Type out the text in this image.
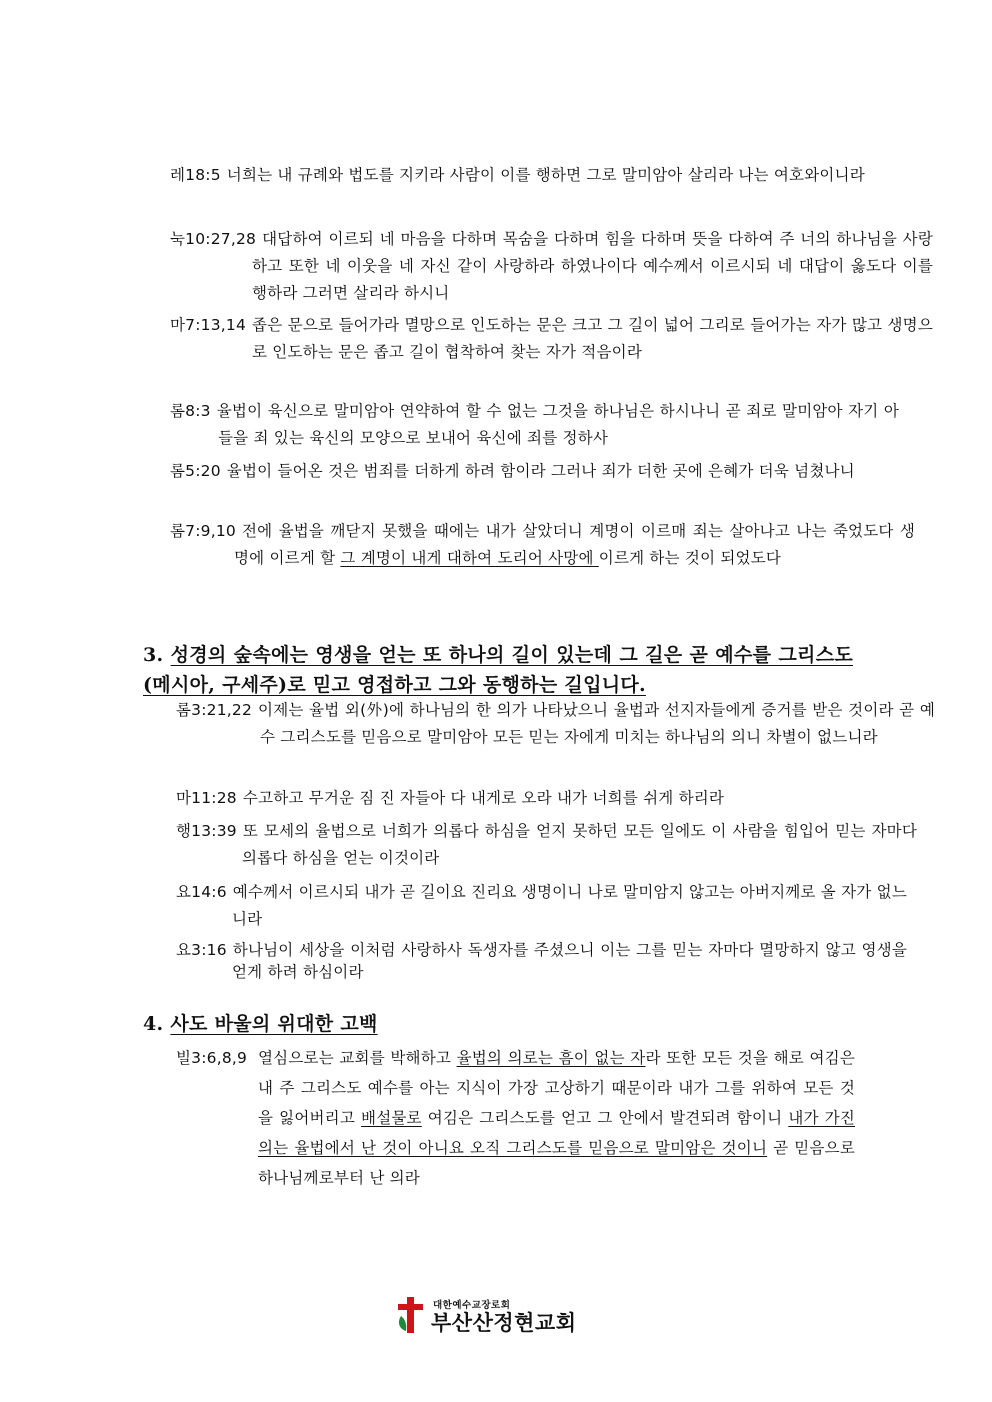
레18:5 너희는 내 규례와 법도를 지키라 사람이 이를 행하면 그로 말미암아 살리라 나는 여호와이니라
눅10:27,28 대답하여 이르되 네 마음을 다하며 목숨을 다하며 힘을 다하며 뜻을 다하여 주 너의 하나님을 사랑하고 또한 네 이웃을 네 자신 같이 사랑하라 하였나이다 예수께서 이르시되 네 대답이 옳도다 이를 행하라 그러면 살리라 하시니
마7:13,14 좁은 문으로 들어가라 멸망으로 인도하는 문은 크고 그 길이 넓어 그리로 들어가는 자가 많고 생명으로 인도하는 문은 좁고 길이 협착하여 찾는 자가 적음이라
롬8:3 율법이 육신으로 말미암아 연약하여 할 수 없는 그것을 하나님은 하시나니 곧 죄로 말미암아 자기 아들을 죄 있는 육신의 모양으로 보내어 육신에 죄를 정하사
롬5:20 율법이 들어온 것은 범죄를 더하게 하려 함이라 그러나 죄가 더한 곳에 은혜가 더욱 넘쳤나니
롬7:9,10 전에 율법을 깨닫지 못했을 때에는 내가 살았더니 계명이 이르매 죄는 살아나고 나는 죽었도다 생명에 이르게 할 그 계명이 내게 대하여 도리어 사망에 이르게 하는 것이 되었도다
3. 성경의 숲속에는 영생을 얻는 또 하나의 길이 있는데 그 길은 곧 예수를 그리스도(메시아, 구세주)로 믿고 영접하고 그와 동행하는 길입니다.
롬3:21,22 이제는 율법 외(外)에 하나님의 한 의가 나타났으니 율법과 선지자들에게 증거를 받은 것이라 곧 예수 그리스도를 믿음으로 말미암아 모든 믿는 자에게 미치는 하나님의 의니 차별이 없느니라
마11:28 수고하고 무거운 짐 진 자들아 다 내게로 오라 내가 너희를 쉬게 하리라
행13:39 또 모세의 율법으로 너희가 의롭다 하심을 얻지 못하던 모든 일에도 이 사람을 힘입어 믿는 자마다 의롭다 하심을 얻는 이것이라
요14:6 예수께서 이르시되 내가 곧 길이요 진리요 생명이니 나로 말미암지 않고는 아버지께로 올 자가 없느니라
요3:16 하나님이 세상을 이처럼 사랑하사 독생자를 주셨으니 이는 그를 믿는 자마다 멸망하지 않고 영생을 얻게 하려 하심이라
4. 사도 바울의 위대한 고백
빌3:6,8,9 열심으로는 교회를 박해하고 율법의 의로는 흠이 없는 자라 또한 모든 것을 해로 여김은 내 주 그리스도 예수를 아는 지식이 가장 고상하기 때문이라 내가 그를 위하여 모든 것을 잃어버리고 배설물로 여김은 그리스도를 얻고 그 안에서 발견되려 함이니 내가 가진 의는 율법에서 난 것이 아니요 오직 그리스도를 믿음으로 말미암은 것이니 곧 믿음으로 하나님께로부터 난 의라
대한예수교장로회
부산산정현교회
